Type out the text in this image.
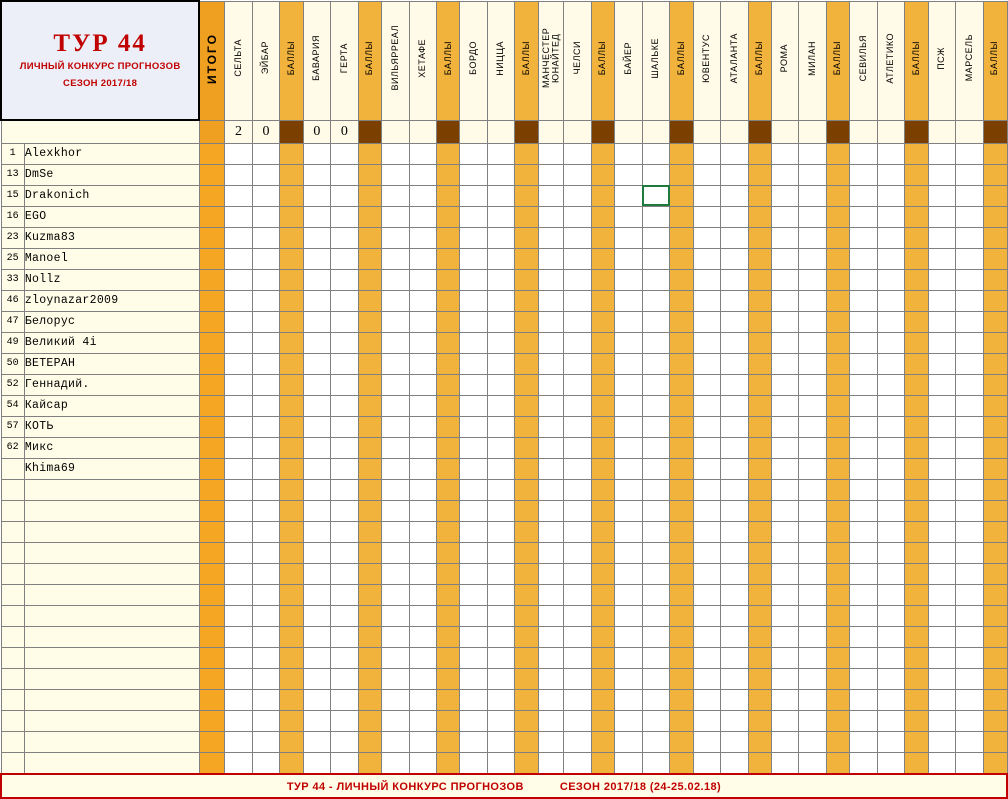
ТУР 44
ЛИЧНЫЙ КОНКУРС ПРОГНОЗОВ
СЕЗОН 2017/18		ИТОГО	СЕЛЬТА	ЭЙБАР	БАЛЛЫ	БАВАРИЯ	ГЕРТА	БАЛЛЫ	ВИЛЬЯРРЕАЛ	ХЕТАФЕ	БАЛЛЫ	БОРДО	НИЦЦА	БАЛЛЫ	МАНЧЕСТЕР ЮНАЙТЕД	ЧЕЛСИ	БАЛЛЫ	БАЙЕР	ШАЛЬКЕ	БАЛЛЫ	ЮВЕНТУС	АТАЛАНТА	БАЛЛЫ	РОМА	МИЛАН	БАЛЛЫ	СЕВИЛЬЯ	АТЛЕТИКО	БАЛЛЫ	ПСЖ	МАРСЕЛЬ	БАЛЛЫ
			2	0		0	0																									
1	Alexkhor																															
13	DmSe																															
15	Drakonich																															
16	EGO																															
23	Kuzma83																															
25	Manoel																															
33	Nollz																															
46	zloynazar2009																															
47	Белорус																															
49	Великий 4i																															
50	ВЕТЕРАН																															
52	Геннадий.																															
54	Кайсар																															
57	КОТЬ																															
62	Микс																															
	Khima69																															

ТУР 44 - ЛИЧНЫЙ КОНКУРС ПРОГНОЗОВ СЕЗОН 2017/18 (24-25.02.18)																																
